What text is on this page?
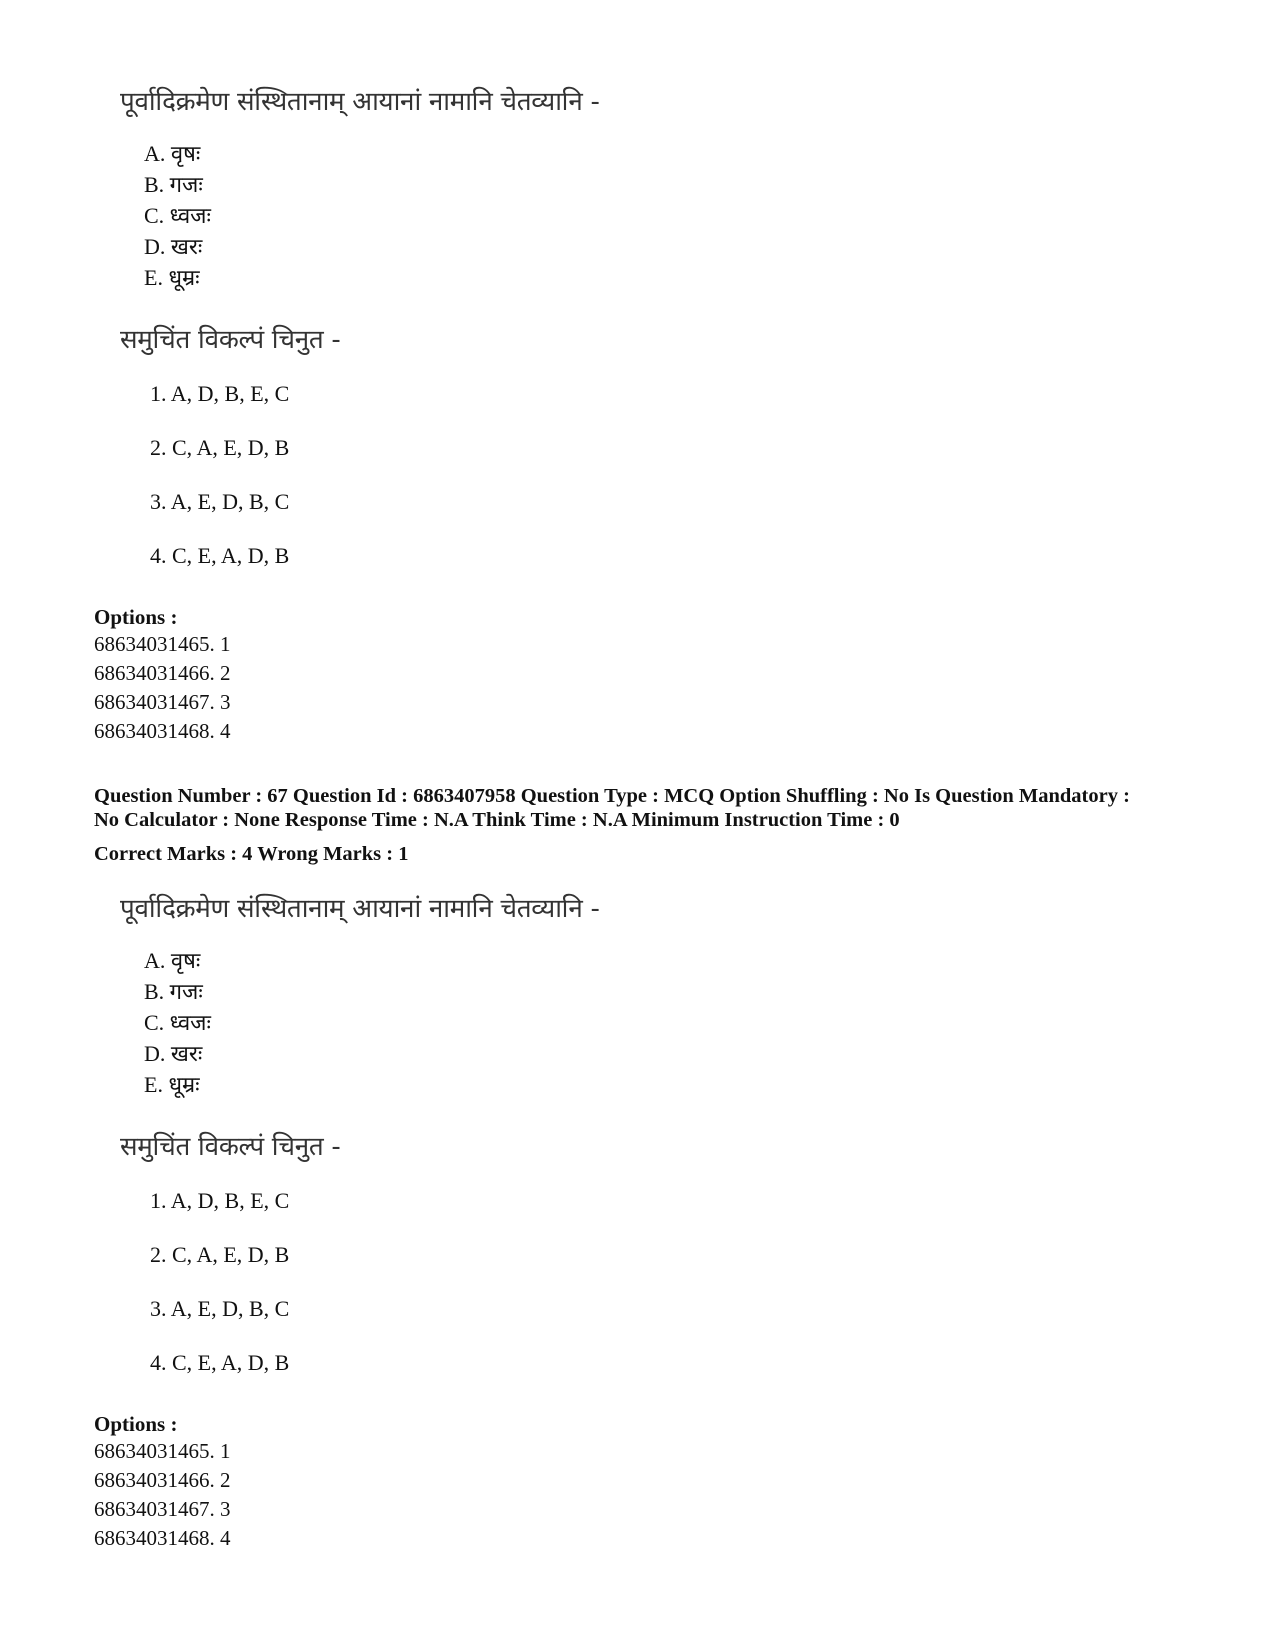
पूर्वादिक्रमेण संस्थितानाम् आयानां नामानि चेतव्यानि -
A. वृषः
B. गजः
C. ध्वजः
D. खरः
E. धूम्रः
समुचिंत विकल्पं चिनुत -
1. A, D, B, E, C
2. C, A, E, D, B
3. A, E, D, B, C
4. C, E, A, D, B
Options :
68634031465. 1
68634031466. 2
68634031467. 3
68634031468. 4

Question Number : 67 Question Id : 6863407958 Question Type : MCQ Option Shuffling : No Is Question Mandatory :

No Calculator : None Response Time : N.A Think Time : N.A Minimum Instruction Time : 0

Correct Marks : 4 Wrong Marks : 1
पूर्वादिक्रमेण संस्थितानाम् आयानां नामानि चेतव्यानि -
A. वृषः
B. गजः
C. ध्वजः
D. खरः
E. धूम्रः
समुचिंत विकल्पं चिनुत -
1. A, D, B, E, C
2. C, A, E, D, B
3. A, E, D, B, C
4. C, E, A, D, B
Options :
68634031465. 1
68634031466. 2
68634031467. 3
68634031468. 4
